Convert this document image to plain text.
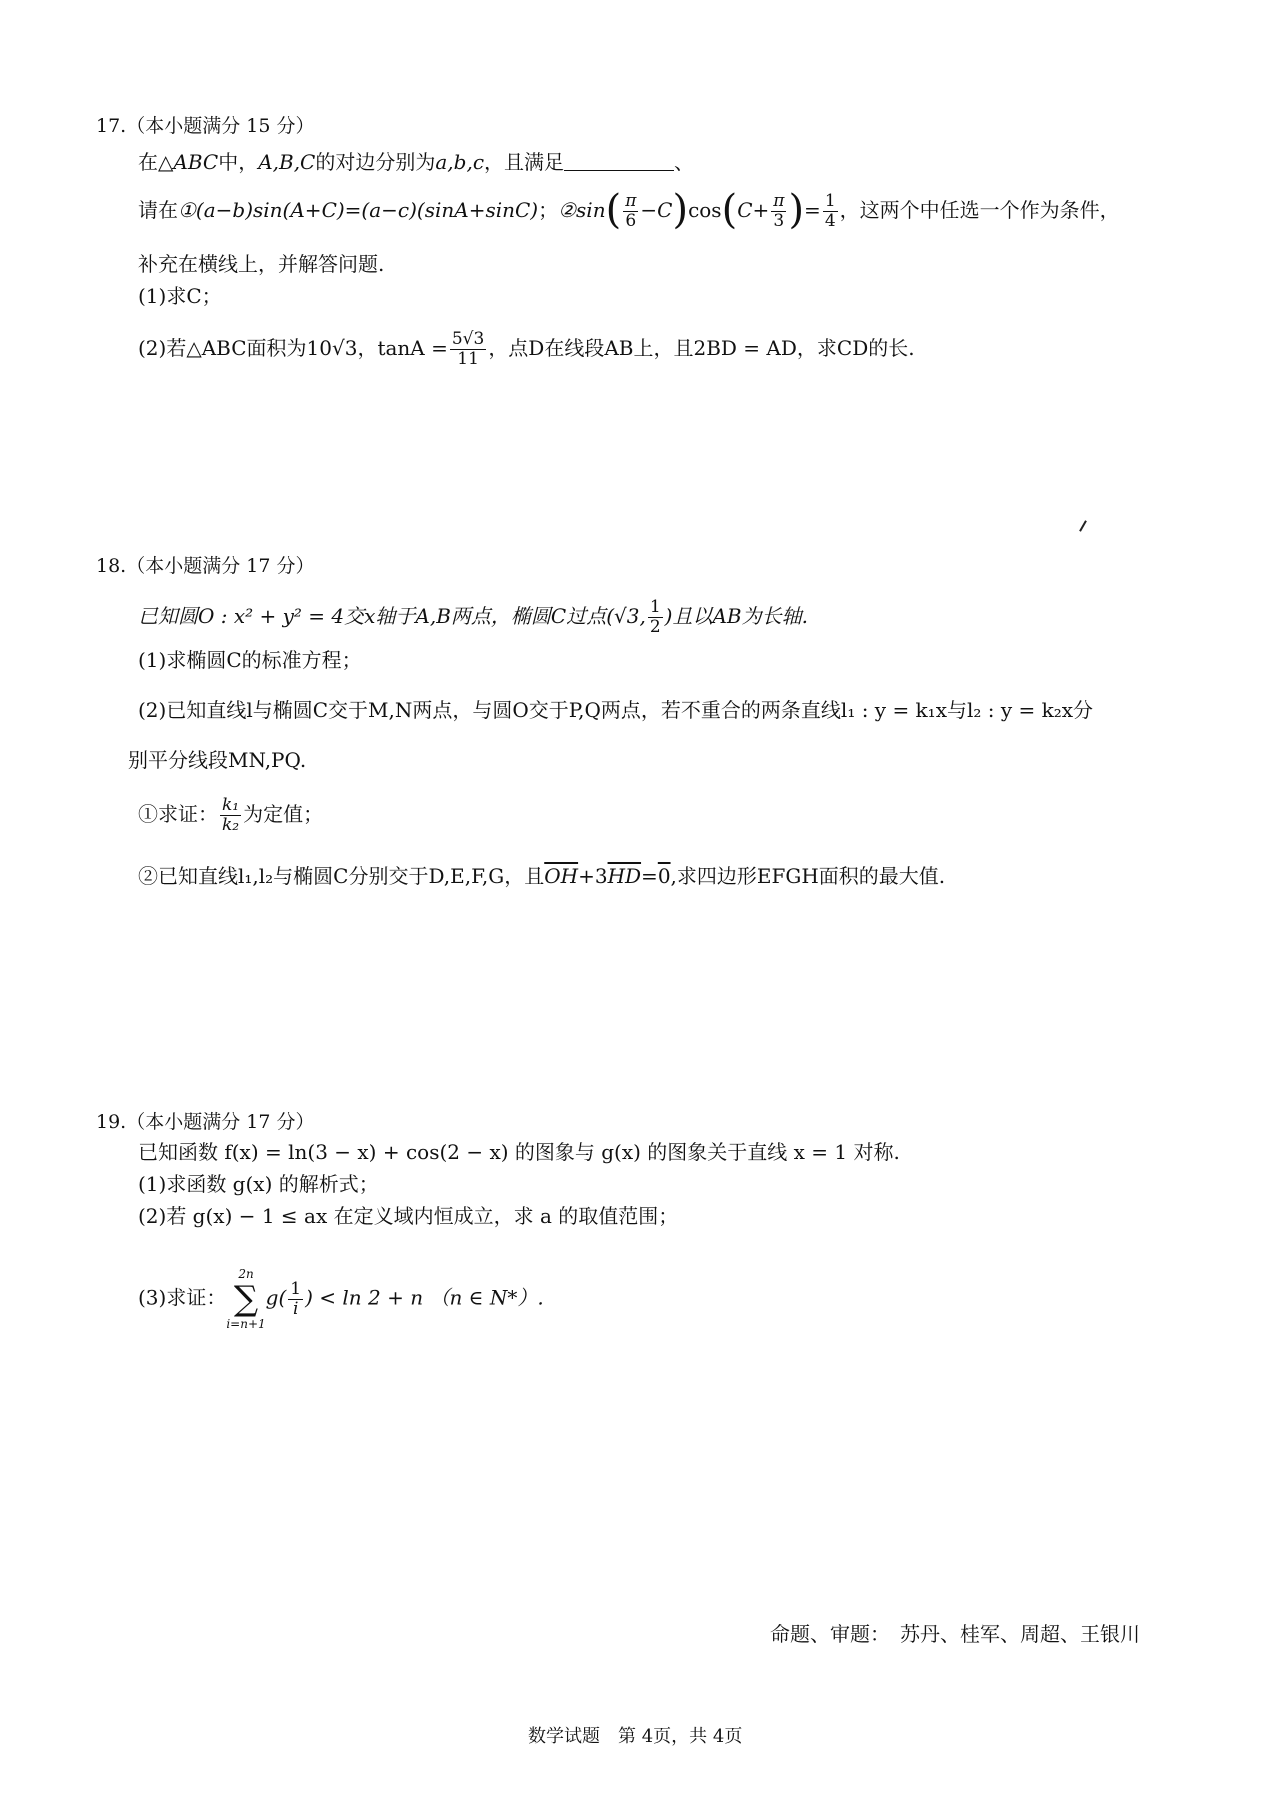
17.（本小题满分 15 分）
在△ABC中，A,B,C的对边分别为a,b,c，且满足	、
请在①(a−b)sin(A+C)=(a−c)(sinA+sinC)；②sin( $\frac{\pi}{6} -C)\cos(C+ \frac{\pi}{3}$ )= $\frac{1}{4}$ ，这两个中任选一个作为条件，
补充在横线上，并解答问题.
(1)求C；
(2)若△ABC面积为10√3，$\tan A = \frac{5√3}{11}$ ，点D在线段AB上，且2BD = AD，求CD的长.
18.（本小题满分 17 分）
已知圆O : x² + y² = 4交x轴于A,B两点，椭圆C过点(√3, $\frac{1}{2}$ )且以AB为长轴.
(1)求椭圆C的标准方程；
(2)已知直线l与椭圆C交于M,N两点，与圆O交于P,Q两点，若不重合的两条直线l₁ : y = k₁x与l₂ : y = k₂x分
别平分线段MN,PQ.
①求证： $\frac{\text{k₁}}{\text{k₂}}$ 为定值；
②已知直线l₁,l₂与椭圆C分别交于D,E,F,G，且$\overline{OH}+3\overline{HD}=0$,求四边形EFGH面积的最大值.
19.（本小题满分 17 分）
已知函数 f(x) = ln(3 − x) + cos(2 − x) 的图象与 g(x) 的图象关于直线 x = 1 对称.
(1)求函数 g(x) 的解析式；
(2)若 g(x) − 1 ≤ ax 在定义域内恒成立，求 a 的取值范围；
(3)求证：
2n
∑
i=n+1
$g( \frac{1}{i}$ ) < ln 2 + n （n ∈ N*）.
命题、审题：　苏丹、桂军、周超、王银川
数学试题　第 4页，共 4页
